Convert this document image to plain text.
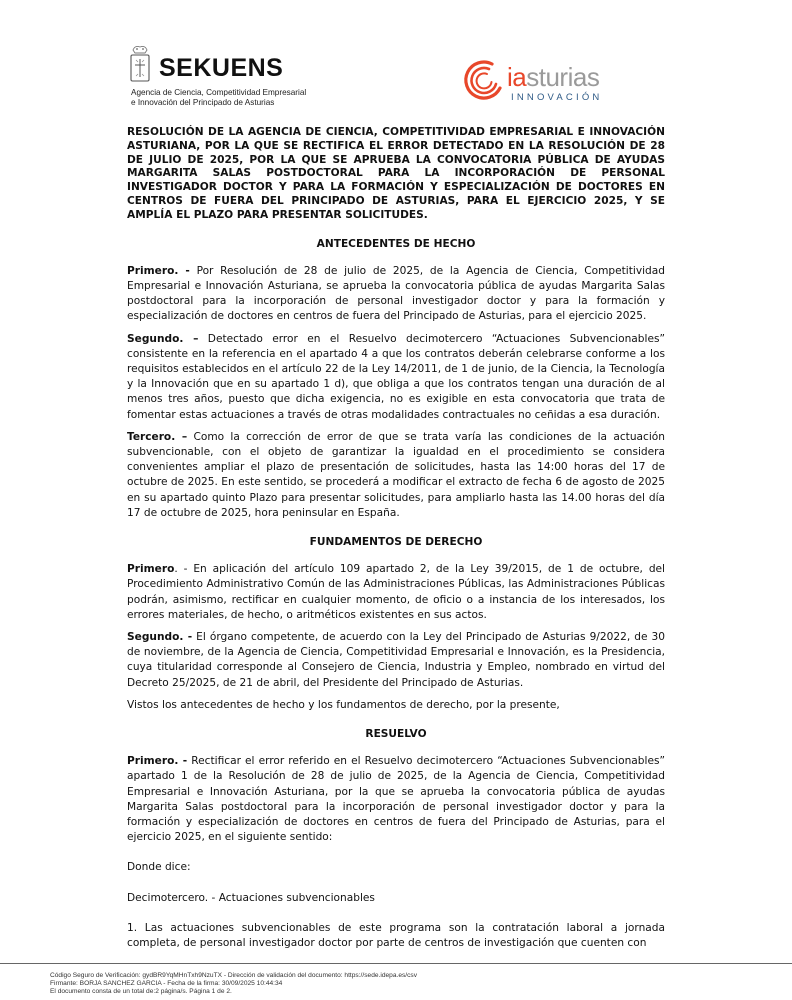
SEKUENS
Agencia de Ciencia, Competitividad Empresarial
e Innovación del Principado de Asturias
iasturias
INNOVACIÓN

RESOLUCIÓN DE LA AGENCIA DE CIENCIA, COMPETITIVIDAD EMPRESARIAL E INNOVACIÓN ASTURIANA, POR LA QUE SE RECTIFICA EL ERROR DETECTADO EN LA RESOLUCIÓN DE 28 DE JULIO DE 2025, POR LA QUE SE APRUEBA LA CONVOCATORIA PÚBLICA DE AYUDAS MARGARITA SALAS POSTDOCTORAL PARA LA INCORPORACIÓN DE PERSONAL INVESTIGADOR DOCTOR Y PARA LA FORMACIÓN Y ESPECIALIZACIÓN DE DOCTORES EN CENTROS DE FUERA DEL PRINCIPADO DE ASTURIAS, PARA EL EJERCICIO 2025, Y SE AMPLÍA EL PLAZO PARA PRESENTAR SOLICITUDES.

ANTECEDENTES DE HECHO

Primero. - Por Resolución de 28 de julio de 2025, de la Agencia de Ciencia, Competitividad Empresarial e Innovación Asturiana, se aprueba la convocatoria pública de ayudas Margarita Salas postdoctoral para la incorporación de personal investigador doctor y para la formación y especialización de doctores en centros de fuera del Principado de Asturias, para el ejercicio 2025.

Segundo. – Detectado error en el Resuelvo decimotercero “Actuaciones Subvencionables” consistente en la referencia en el apartado 4 a que los contratos deberán celebrarse conforme a los requisitos establecidos en el artículo 22 de la Ley 14/2011, de 1 de junio, de la Ciencia, la Tecnología y la Innovación que en su apartado 1 d), que obliga a que los contratos tengan una duración de al menos tres años, puesto que dicha exigencia, no es exigible en esta convocatoria que trata de fomentar estas actuaciones a través de otras modalidades contractuales no ceñidas a esa duración.

Tercero. – Como la corrección de error de que se trata varía las condiciones de la actuación subvencionable, con el objeto de garantizar la igualdad en el procedimiento se considera convenientes ampliar el plazo de presentación de solicitudes, hasta las 14:00 horas del 17 de octubre de 2025. En este sentido, se procederá a modificar el extracto de fecha 6 de agosto de 2025 en su apartado quinto Plazo para presentar solicitudes, para ampliarlo hasta las 14.00 horas del día 17 de octubre de 2025, hora peninsular en España.

FUNDAMENTOS DE DERECHO

Primero. - En aplicación del artículo 109 apartado 2, de la Ley 39/2015, de 1 de octubre, del Procedimiento Administrativo Común de las Administraciones Públicas, las Administraciones Públicas podrán, asimismo, rectificar en cualquier momento, de oficio o a instancia de los interesados, los errores materiales, de hecho, o aritméticos existentes en sus actos.

Segundo. - El órgano competente, de acuerdo con la Ley del Principado de Asturias 9/2022, de 30 de noviembre, de la Agencia de Ciencia, Competitividad Empresarial e Innovación, es la Presidencia, cuya titularidad corresponde al Consejero de Ciencia, Industria y Empleo, nombrado en virtud del Decreto 25/2025, de 21 de abril, del Presidente del Principado de Asturias.

Vistos los antecedentes de hecho y los fundamentos de derecho, por la presente,

RESUELVO

Primero. - Rectificar el error referido en el Resuelvo decimotercero “Actuaciones Subvencionables” apartado 1 de la Resolución de 28 de julio de 2025, de la Agencia de Ciencia, Competitividad Empresarial e Innovación Asturiana, por la que se aprueba la convocatoria pública de ayudas Margarita Salas postdoctoral para la incorporación de personal investigador doctor y para la formación y especialización de doctores en centros de fuera del Principado de Asturias, para el ejercicio 2025, en el siguiente sentido:

Donde dice:

Decimotercero. - Actuaciones subvencionables

1. Las actuaciones subvencionables de este programa son la contratación laboral a jornada completa, de personal investigador doctor por parte de centros de investigación que cuenten con

Código Seguro de Verificación: gydBR9YqMHnTxh9NzuTX - Dirección de validación del documento: https://sede.idepa.es/csv
Firmante: BORJA SANCHEZ GARCIA - Fecha de la firma: 30/09/2025 10:44:34
El documento consta de un total de:2 página/s. Página 1 de 2.
